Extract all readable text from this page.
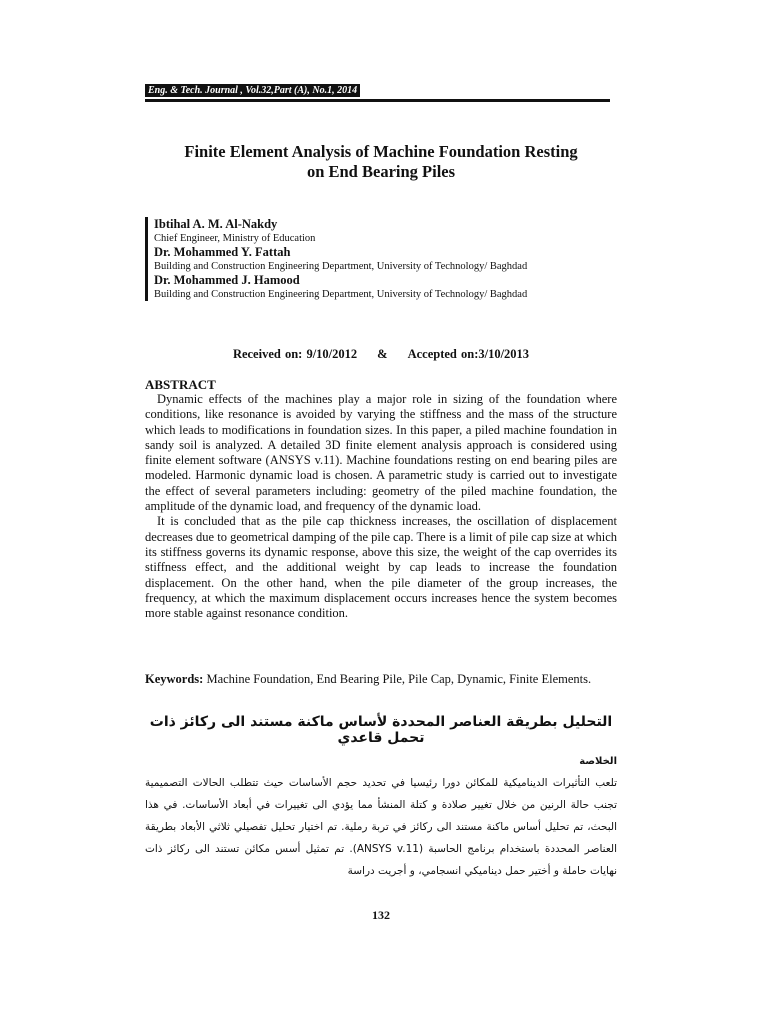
Eng. & Tech. Journal , Vol.32,Part (A), No.1, 2014
Finite Element Analysis of Machine Foundation Resting
on End Bearing Piles
Ibtihal A. M. Al-Nakdy
Chief Engineer, Ministry of Education
Dr. Mohammed Y. Fattah
Building and Construction Engineering Department, University of Technology/ Baghdad
Dr. Mohammed J. Hamood
Building and Construction Engineering Department, University of Technology/ Baghdad
Received on: 9/10/2012 & Accepted on:3/10/2013
ABSTRACT

Dynamic effects of the machines play a major role in sizing of the foundation where conditions, like resonance is avoided by varying the stiffness and the mass of the structure which leads to modifications in foundation sizes. In this paper, a piled machine foundation in sandy soil is analyzed. A detailed 3D finite element analysis approach is considered using finite element software (ANSYS v.11). Machine foundations resting on end bearing piles are modeled. Harmonic dynamic load is chosen. A parametric study is carried out to investigate the effect of several parameters including: geometry of the piled machine foundation, the amplitude of the dynamic load, and frequency of the dynamic load.

It is concluded that as the pile cap thickness increases, the oscillation of displacement decreases due to geometrical damping of the pile cap. There is a limit of pile cap size at which its stiffness governs its dynamic response, above this size, the weight of the cap overrides its stiffness effect, and the additional weight by cap leads to increase the foundation displacement. On the other hand, when the pile diameter of the group increases, the frequency, at which the maximum displacement occurs increases hence the system becomes more stable against resonance condition.

Keywords: Machine Foundation, End Bearing Pile, Pile Cap, Dynamic, Finite Elements.
التحليل بطريقة العناصر المحددة لأساس ماكنة مستند الى ركائز ذات تحمل قاعدي
الخلاصة
تلعب التأثيرات الديناميكية للمكائن دورا رئيسيا في تحديد حجم الأساسات حيث تتطلب الحالات التصميمية تجنب حالة الرنين من خلال تغيير صلادة و كتلة المنشأ مما يؤدي الى تغييرات في أبعاد الأساسات. في هذا البحث، تم تحليل أساس ماكنة مستند الى ركائز في تربة رملية. تم اختيار تحليل تفصيلي ثلاثي الأبعاد بطريقة العناصر المحددة باستخدام برنامج الحاسبة (ANSYS v.11). تم تمثيل أسس مكائن تستند الى ركائز ذات نهايات حاملة و أختير حمل ديناميكي انسجامي، و أجريت دراسة
132
